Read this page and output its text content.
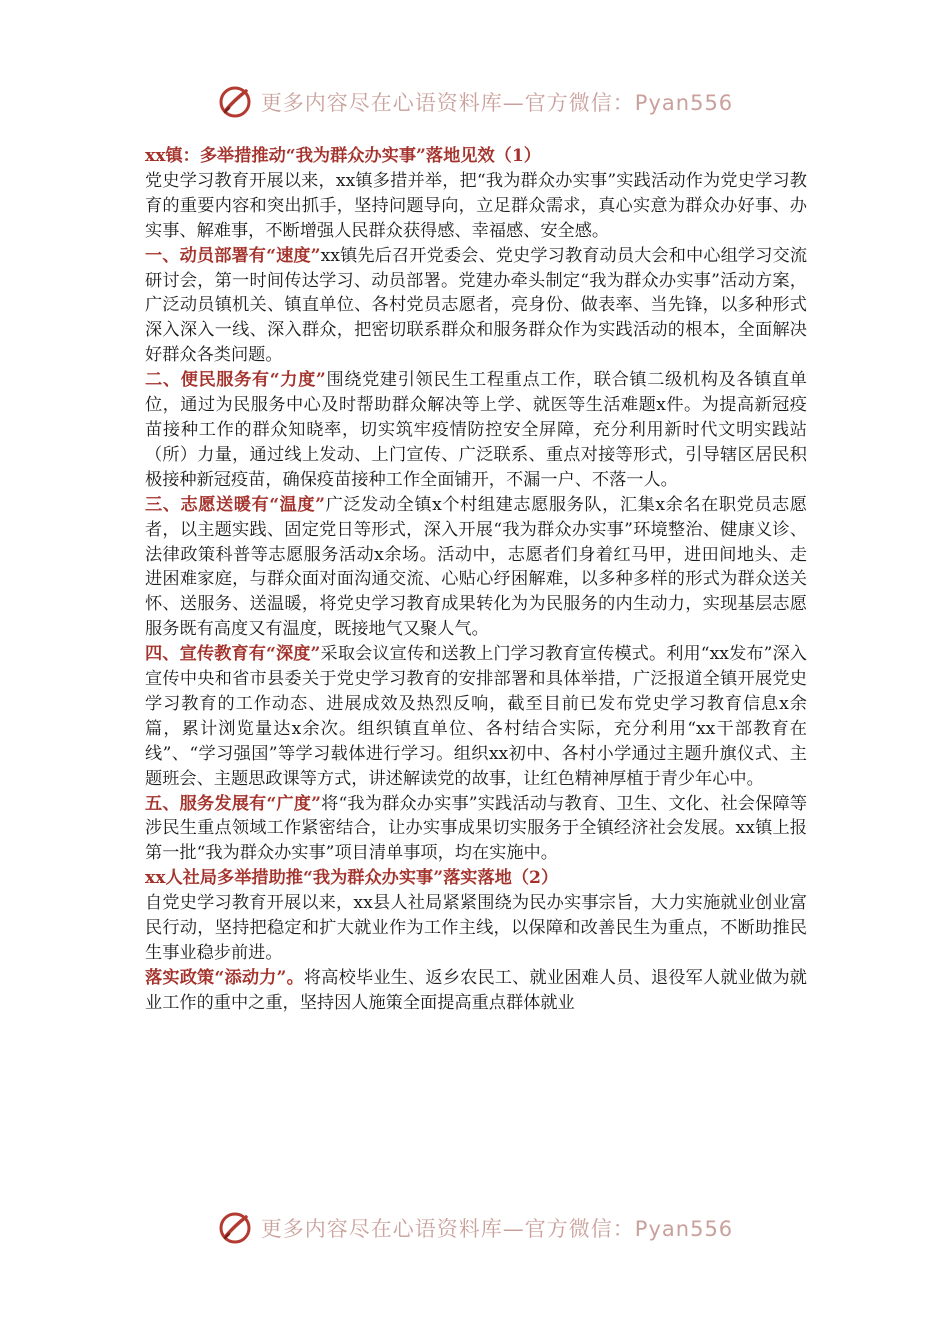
更多内容尽在心语资料库—官方微信：Pyan556

xx镇：多举措推动“我为群众办实事”落地见效（1）

党史学习教育开展以来，xx镇多措并举，把“我为群众办实事”实践活动作为党史学习教育的重要内容和突出抓手，坚持问题导向，立足群众需求，真心实意为群众办好事、办实事、解难事，不断增强人民群众获得感、幸福感、安全感。

一、动员部署有“速度”xx镇先后召开党委会、党史学习教育动员大会和中心组学习交流研讨会，第一时间传达学习、动员部署。党建办牵头制定“我为群众办实事”活动方案，广泛动员镇机关、镇直单位、各村党员志愿者，亮身份、做表率、当先锋，以多种形式深入深入一线、深入群众，把密切联系群众和服务群众作为实践活动的根本，全面解决好群众各类问题。

二、便民服务有“力度”围绕党建引领民生工程重点工作，联合镇二级机构及各镇直单位，通过为民服务中心及时帮助群众解决等上学、就医等生活难题x件。为提高新冠疫苗接种工作的群众知晓率，切实筑牢疫情防控安全屏障，充分利用新时代文明实践站（所）力量，通过线上发动、上门宣传、广泛联系、重点对接等形式，引导辖区居民积极接种新冠疫苗，确保疫苗接种工作全面铺开，不漏一户、不落一人。

三、志愿送暖有“温度”广泛发动全镇x个村组建志愿服务队，汇集x余名在职党员志愿者，以主题实践、固定党日等形式，深入开展“我为群众办实事”环境整治、健康义诊、法律政策科普等志愿服务活动x余场。活动中，志愿者们身着红马甲，进田间地头、走进困难家庭，与群众面对面沟通交流、心贴心纾困解难，以多种多样的形式为群众送关怀、送服务、送温暖，将党史学习教育成果转化为为民服务的内生动力，实现基层志愿服务既有高度又有温度，既接地气又聚人气。

四、宣传教育有“深度”采取会议宣传和送教上门学习教育宣传模式。利用“xx发布”深入宣传中央和省市县委关于党史学习教育的安排部署和具体举措，广泛报道全镇开展党史学习教育的工作动态、进展成效及热烈反响，截至目前已发布党史学习教育信息x余篇，累计浏览量达x余次。组织镇直单位、各村结合实际，充分利用“xx干部教育在线”、“学习强国”等学习载体进行学习。组织xx初中、各村小学通过主题升旗仪式、主题班会、主题思政课等方式，讲述解读党的故事，让红色精神厚植于青少年心中。

五、服务发展有“广度”将“我为群众办实事”实践活动与教育、卫生、文化、社会保障等涉民生重点领域工作紧密结合，让办实事成果切实服务于全镇经济社会发展。xx镇上报第一批“我为群众办实事”项目清单事项，均在实施中。

xx人社局多举措助推“我为群众办实事”落实落地（2）

自党史学习教育开展以来，xx县人社局紧紧围绕为民办实事宗旨，大力实施就业创业富民行动，坚持把稳定和扩大就业作为工作主线，以保障和改善民生为重点，不断助推民生事业稳步前进。

落实政策“添动力”。将高校毕业生、返乡农民工、就业困难人员、退役军人就业做为就业工作的重中之重，坚持因人施策全面提高重点群体就业

更多内容尽在心语资料库—官方微信：Pyan556
